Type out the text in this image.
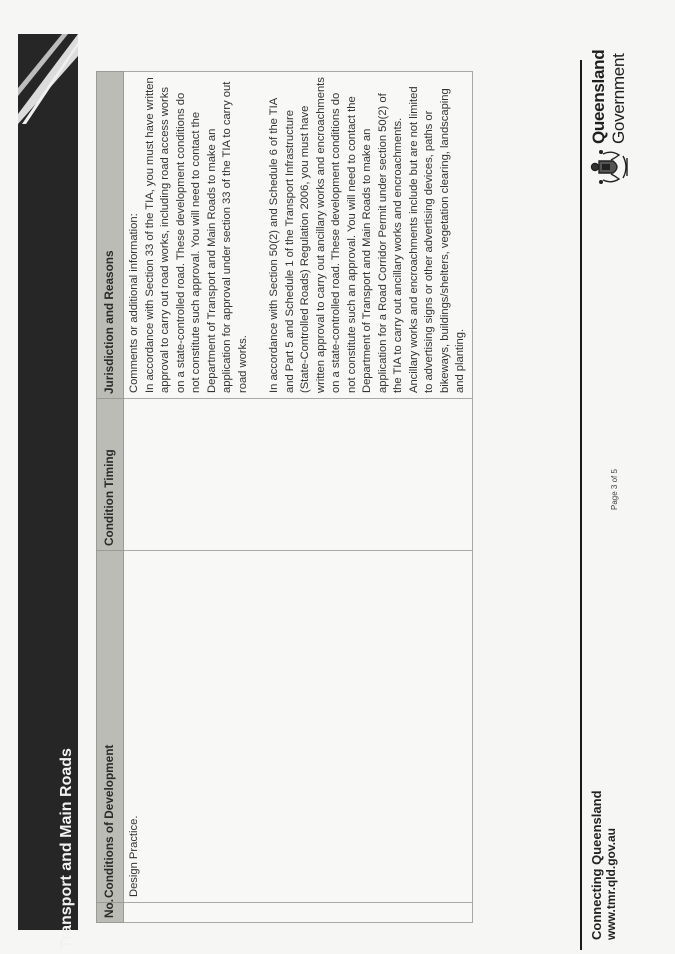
Transport and Main Roads No.	Conditions of Development	Condition Timing	Jurisdiction and Reasons
	Design Practice.		Comments or additional information: In accordance with Section 33 of the TIA, you must have written approval to carry out road works, including road access works on a state-controlled road. These development conditions do not constitute such approval. You will need to contact the Department of Transport and Main Roads to make an application for approval under section 33 of the TIA to carry out road works. In accordance with Section 50(2) and Schedule 6 of the TIA and Part 5 and Schedule 1 of the Transport Infrastructure (State-Controlled Roads) Regulation 2006, you must have written approval to carry out ancillary works and encroachments on a state-controlled road. These development conditions do not constitute such an approval. You will need to contact the Department of Transport and Main Roads to make an application for a Road Corridor Permit under section 50(2) of the TIA to carry out ancillary works and encroachments. Ancillary works and encroachments include but are not limited to advertising signs or other advertising devices, paths or bikeways, buildings/shelters, vegetation clearing, landscaping and planting.

Page 3 of 5
Connecting Queensland www.tmr.qld.gov.au
Queensland Government
